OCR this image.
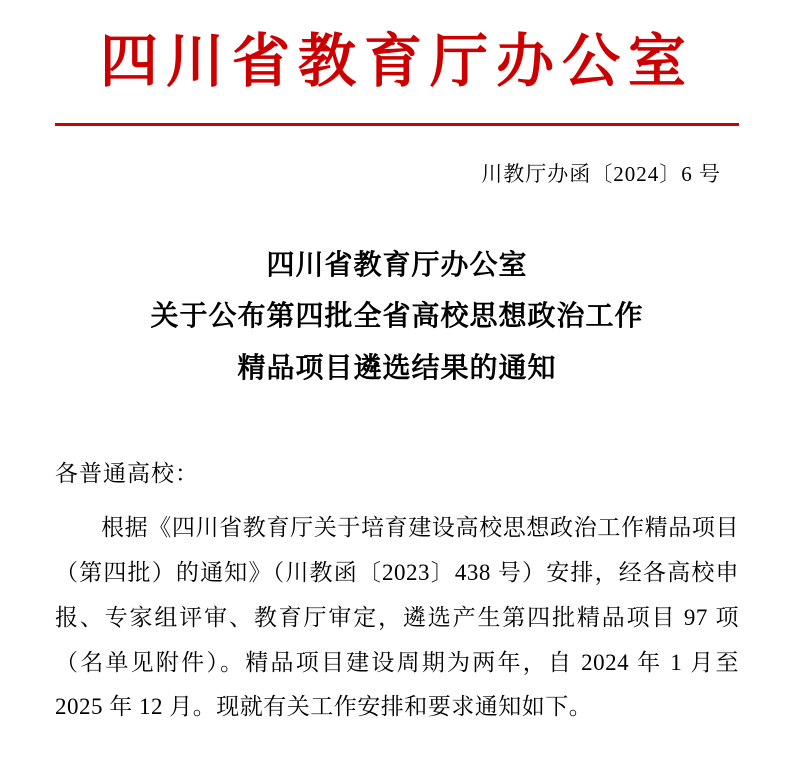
四川省教育厅办公室
川教厅办函〔2024〕6 号
四川省教育厅办公室
关于公布第四批全省高校思想政治工作
精品项目遴选结果的通知
各普通高校：
根据《四川省教育厅关于培育建设高校思想政治工作精品项目（第四批）的通知》（川教函〔2023〕438 号）安排，经各高校申报、专家组评审、教育厅审定，遴选产生第四批精品项目 97 项（名单见附件）。精品项目建设周期为两年，自 2024 年 1 月至 2025 年 12 月。现就有关工作安排和要求通知如下。
